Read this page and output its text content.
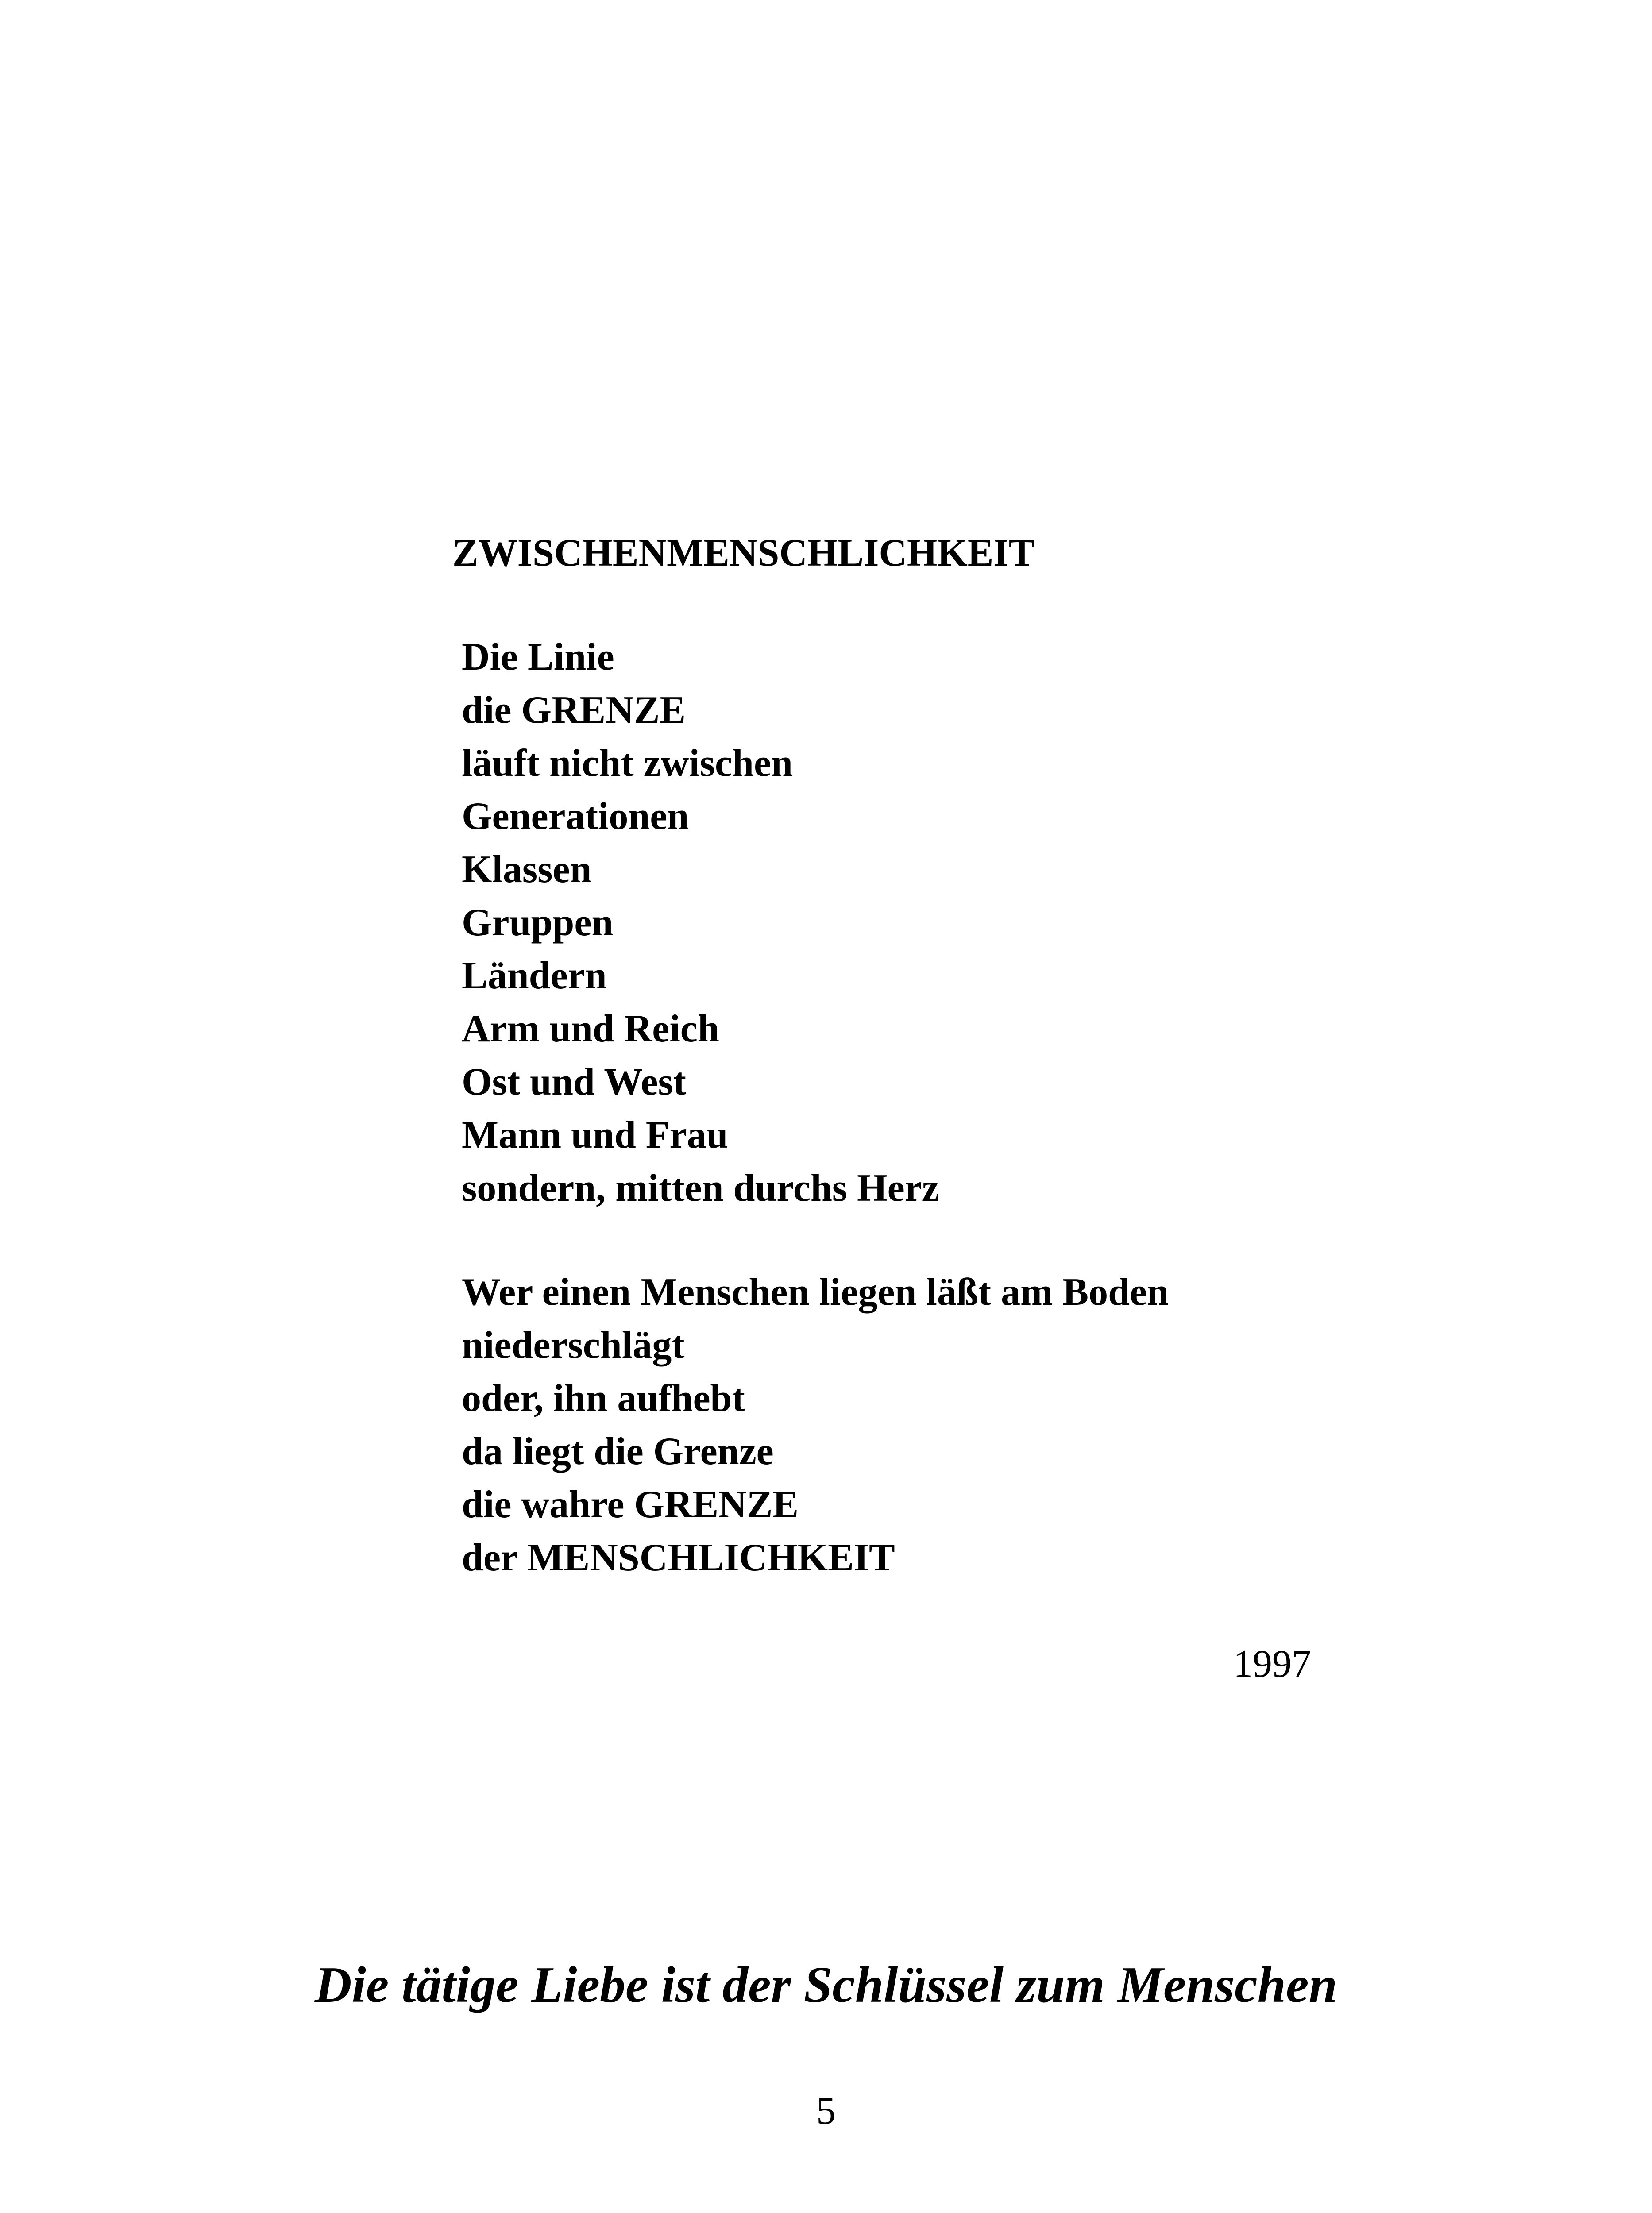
ZWISCHENMENSCHLICHKEIT
Die Linie
die GRENZE
läuft nicht zwischen
Generationen
Klassen
Gruppen
Ländern
Arm und Reich
Ost und West
Mann und Frau
sondern, mitten durchs Herz
Wer einen Menschen liegen läßt am Boden
niederschlägt
oder, ihn aufhebt
da liegt die Grenze
die wahre GRENZE
der MENSCHLICHKEIT
1997
Die tätige Liebe ist der Schlüssel zum Menschen
5
